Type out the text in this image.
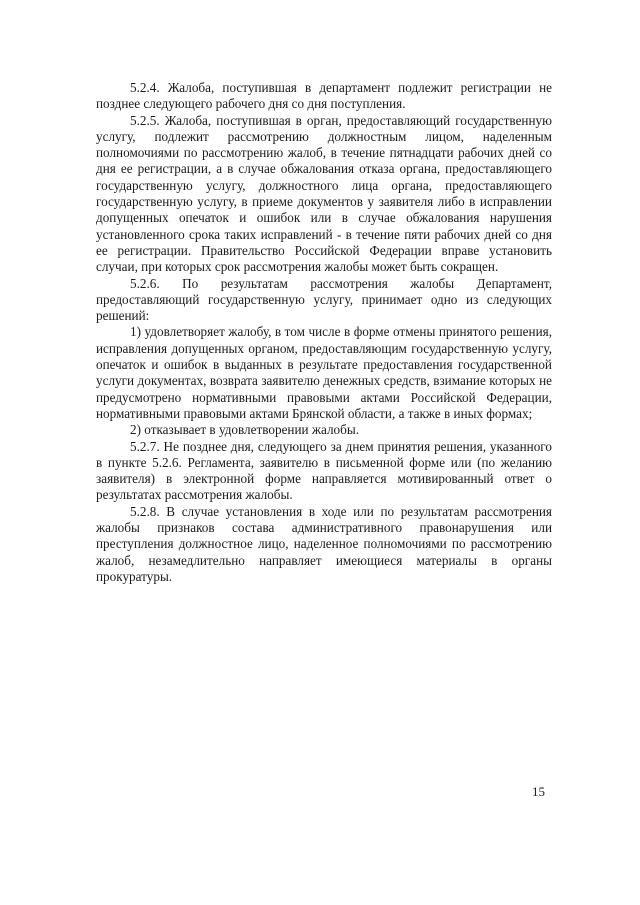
5.2.4. Жалоба, поступившая в департамент подлежит регистрации не позднее следующего рабочего дня со дня поступления.

5.2.5. Жалоба, поступившая в орган, предоставляющий государственную услугу, подлежит рассмотрению должностным лицом, наделенным полномочиями по рассмотрению жалоб, в течение пятнадцати рабочих дней со дня ее регистрации, а в случае обжалования отказа органа, предоставляющего государственную услугу, должностного лица органа, предоставляющего государственную услугу, в приеме документов у заявителя либо в исправлении допущенных опечаток и ошибок или в случае обжалования нарушения установленного срока таких исправлений - в течение пяти рабочих дней со дня ее регистрации. Правительство Российской Федерации вправе установить случаи, при которых срок рассмотрения жалобы может быть сокращен.

5.2.6. По результатам рассмотрения жалобы Департамент, предоставляющий государственную услугу, принимает одно из следующих решений:

1) удовлетворяет жалобу, в том числе в форме отмены принятого решения, исправления допущенных органом, предоставляющим государственную услугу, опечаток и ошибок в выданных в результате предоставления государственной услуги документах, возврата заявителю денежных средств, взимание которых не предусмотрено нормативными правовыми актами Российской Федерации, нормативными правовыми актами Брянской области, а также в иных формах;

2) отказывает в удовлетворении жалобы.

5.2.7. Не позднее дня, следующего за днем принятия решения, указанного в пункте 5.2.6. Регламента, заявителю в письменной форме или (по желанию заявителя) в электронной форме направляется мотивированный ответ о результатах рассмотрения жалобы.

5.2.8. В случае установления в ходе или по результатам рассмотрения жалобы признаков состава административного правонарушения или преступления должностное лицо, наделенное полномочиями по рассмотрению жалоб, незамедлительно направляет имеющиеся материалы в органы прокуратуры.

15
